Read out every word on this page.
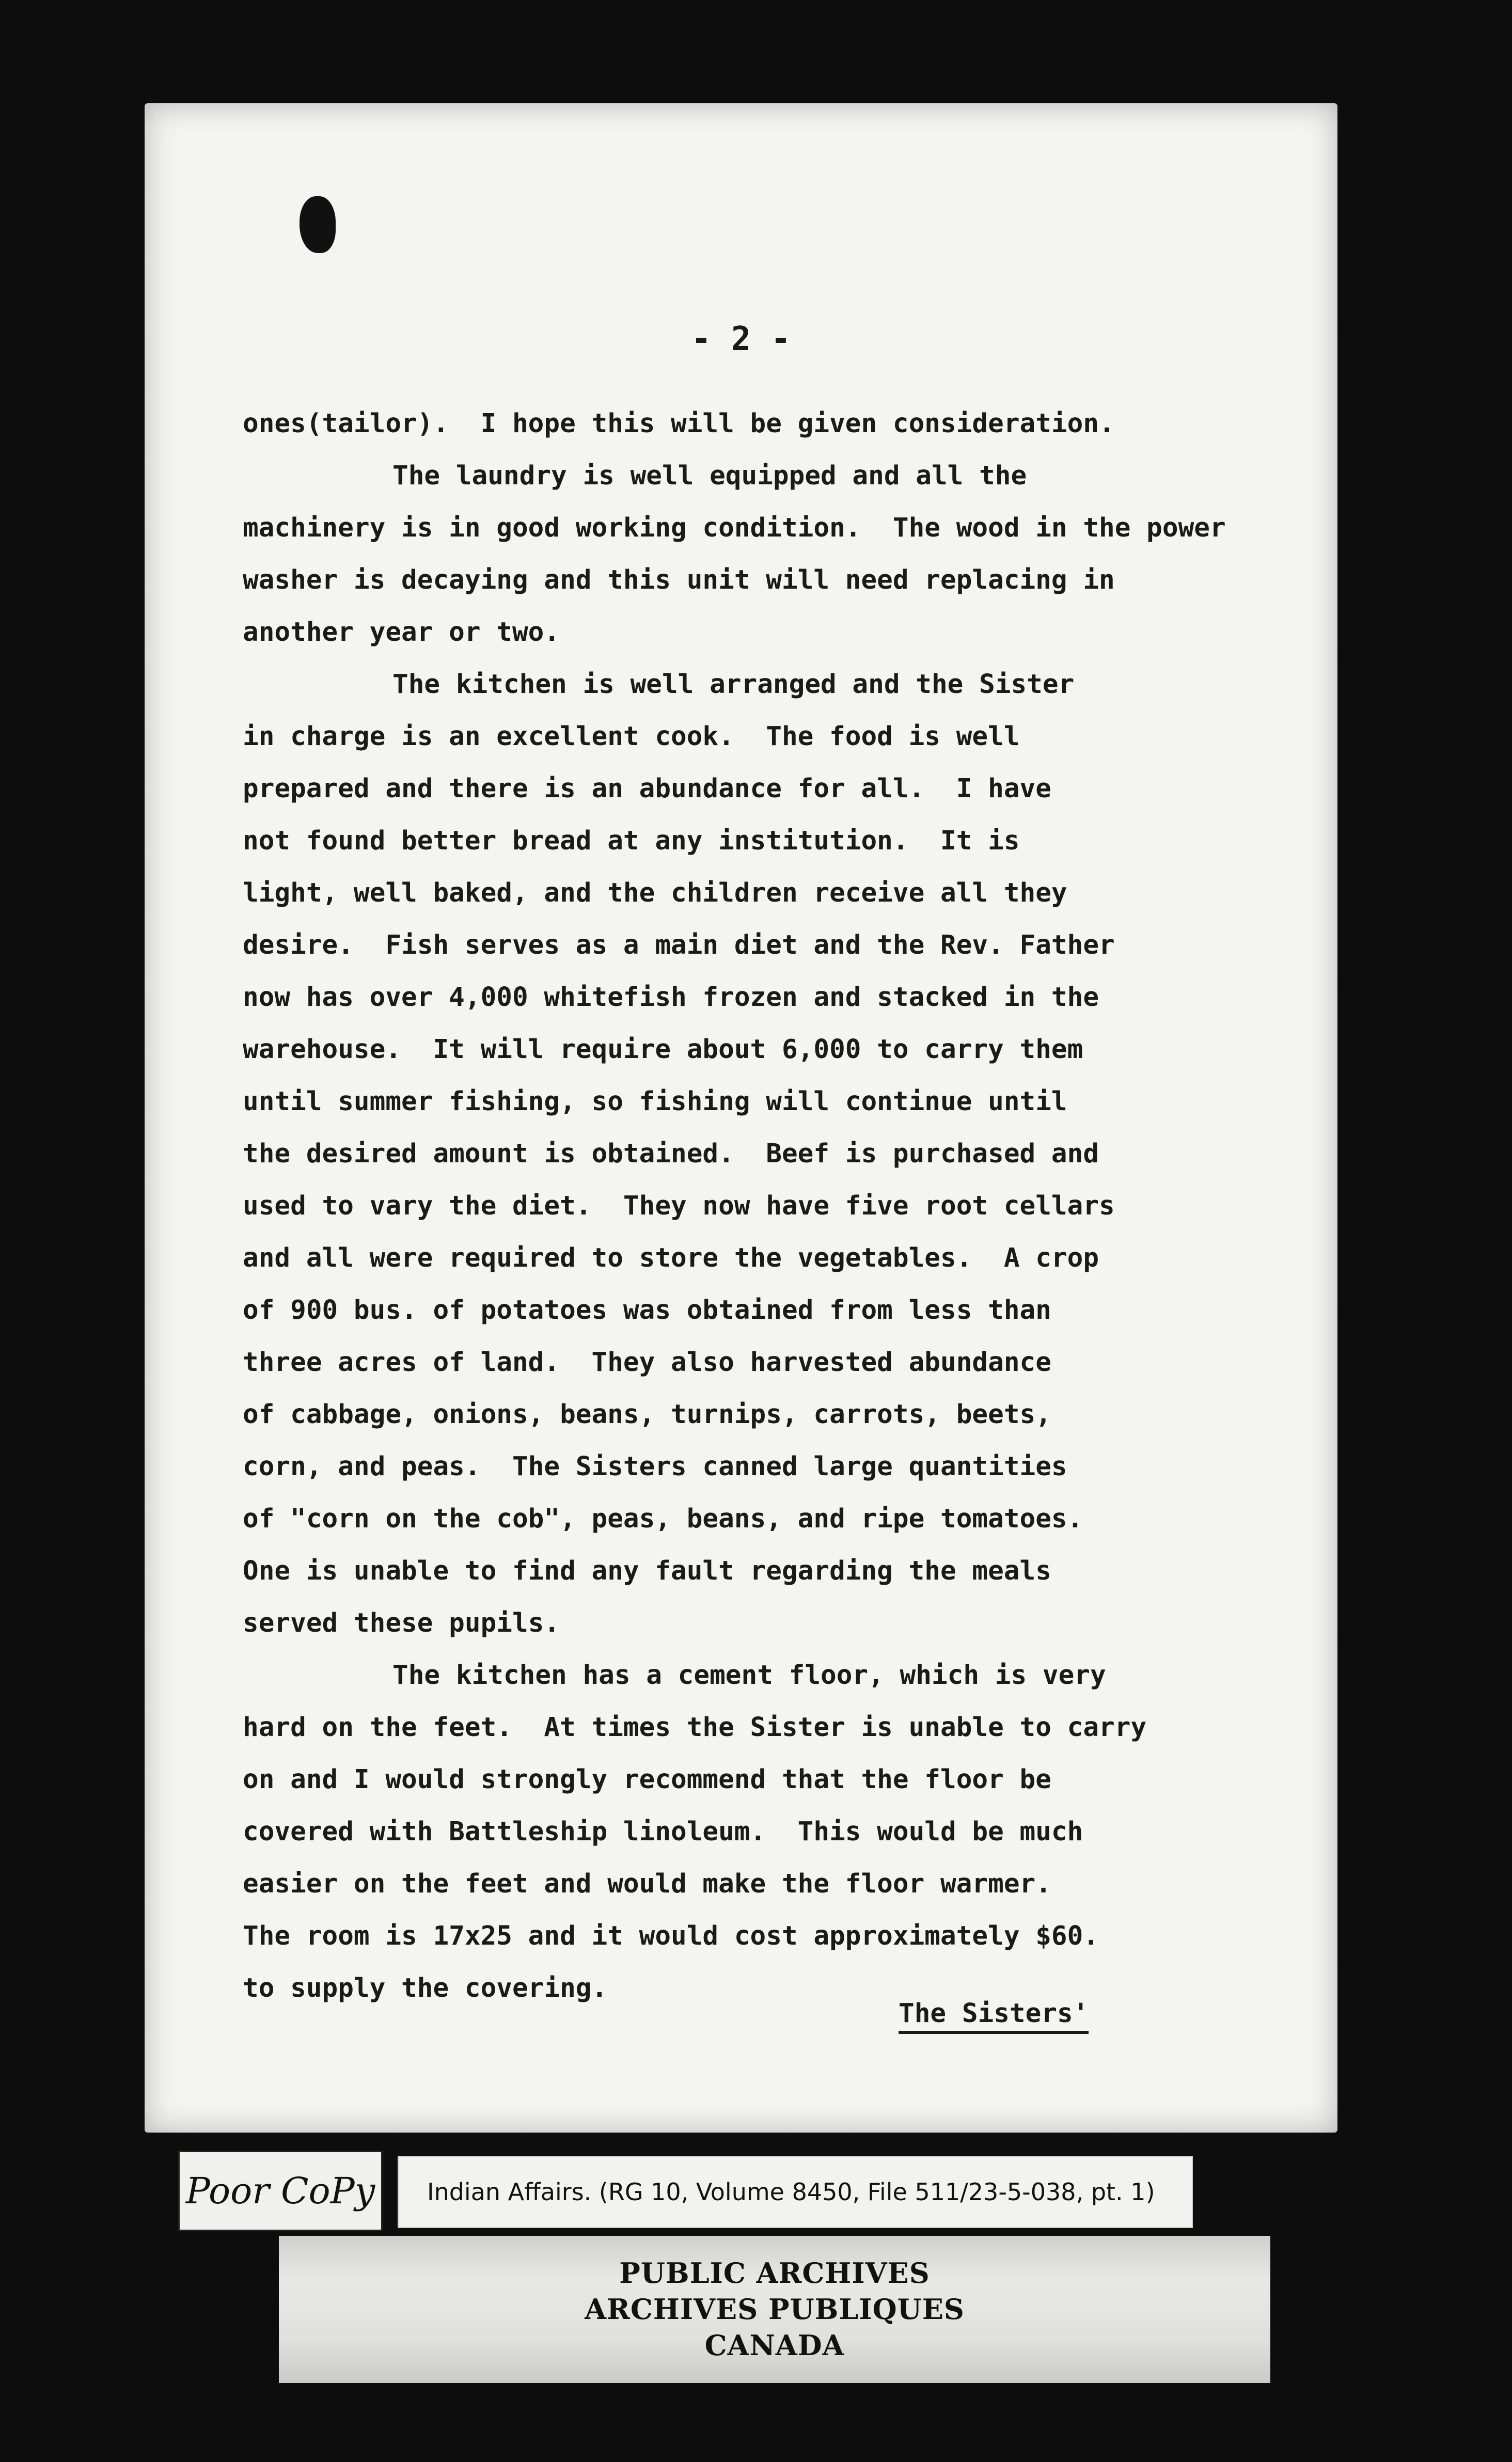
- 2 -
ones(tailor).  I hope this will be given consideration.
The laundry is well equipped and all the
machinery is in good working condition.  The wood in the power
washer is decaying and this unit will need replacing in
another year or two.
The kitchen is well arranged and the Sister
in charge is an excellent cook.  The food is well
prepared and there is an abundance for all.  I have
not found better bread at any institution.  It is
light, well baked, and the children receive all they
desire.  Fish serves as a main diet and the Rev. Father
now has over 4,000 whitefish frozen and stacked in the
warehouse.  It will require about 6,000 to carry them
until summer fishing, so fishing will continue until
the desired amount is obtained.  Beef is purchased and
used to vary the diet.  They now have five root cellars
and all were required to store the vegetables.  A crop
of 900 bus. of potatoes was obtained from less than
three acres of land.  They also harvested abundance
of cabbage, onions, beans, turnips, carrots, beets,
corn, and peas.  The Sisters canned large quantities
of "corn on the cob", peas, beans, and ripe tomatoes.
One is unable to find any fault regarding the meals
served these pupils.
The kitchen has a cement floor, which is very
hard on the feet.  At times the Sister is unable to carry
on and I would strongly recommend that the floor be
covered with Battleship linoleum.  This would be much
easier on the feet and would make the floor warmer.
The room is 17x25 and it would cost approximately $60.
to supply the covering.
The Sisters'
Poor CoPy	Indian Affairs. (RG 10, Volume 8450, File 511/23-5-038, pt. 1)
PUBLIC ARCHIVES
ARCHIVES PUBLIQUES
CANADA
